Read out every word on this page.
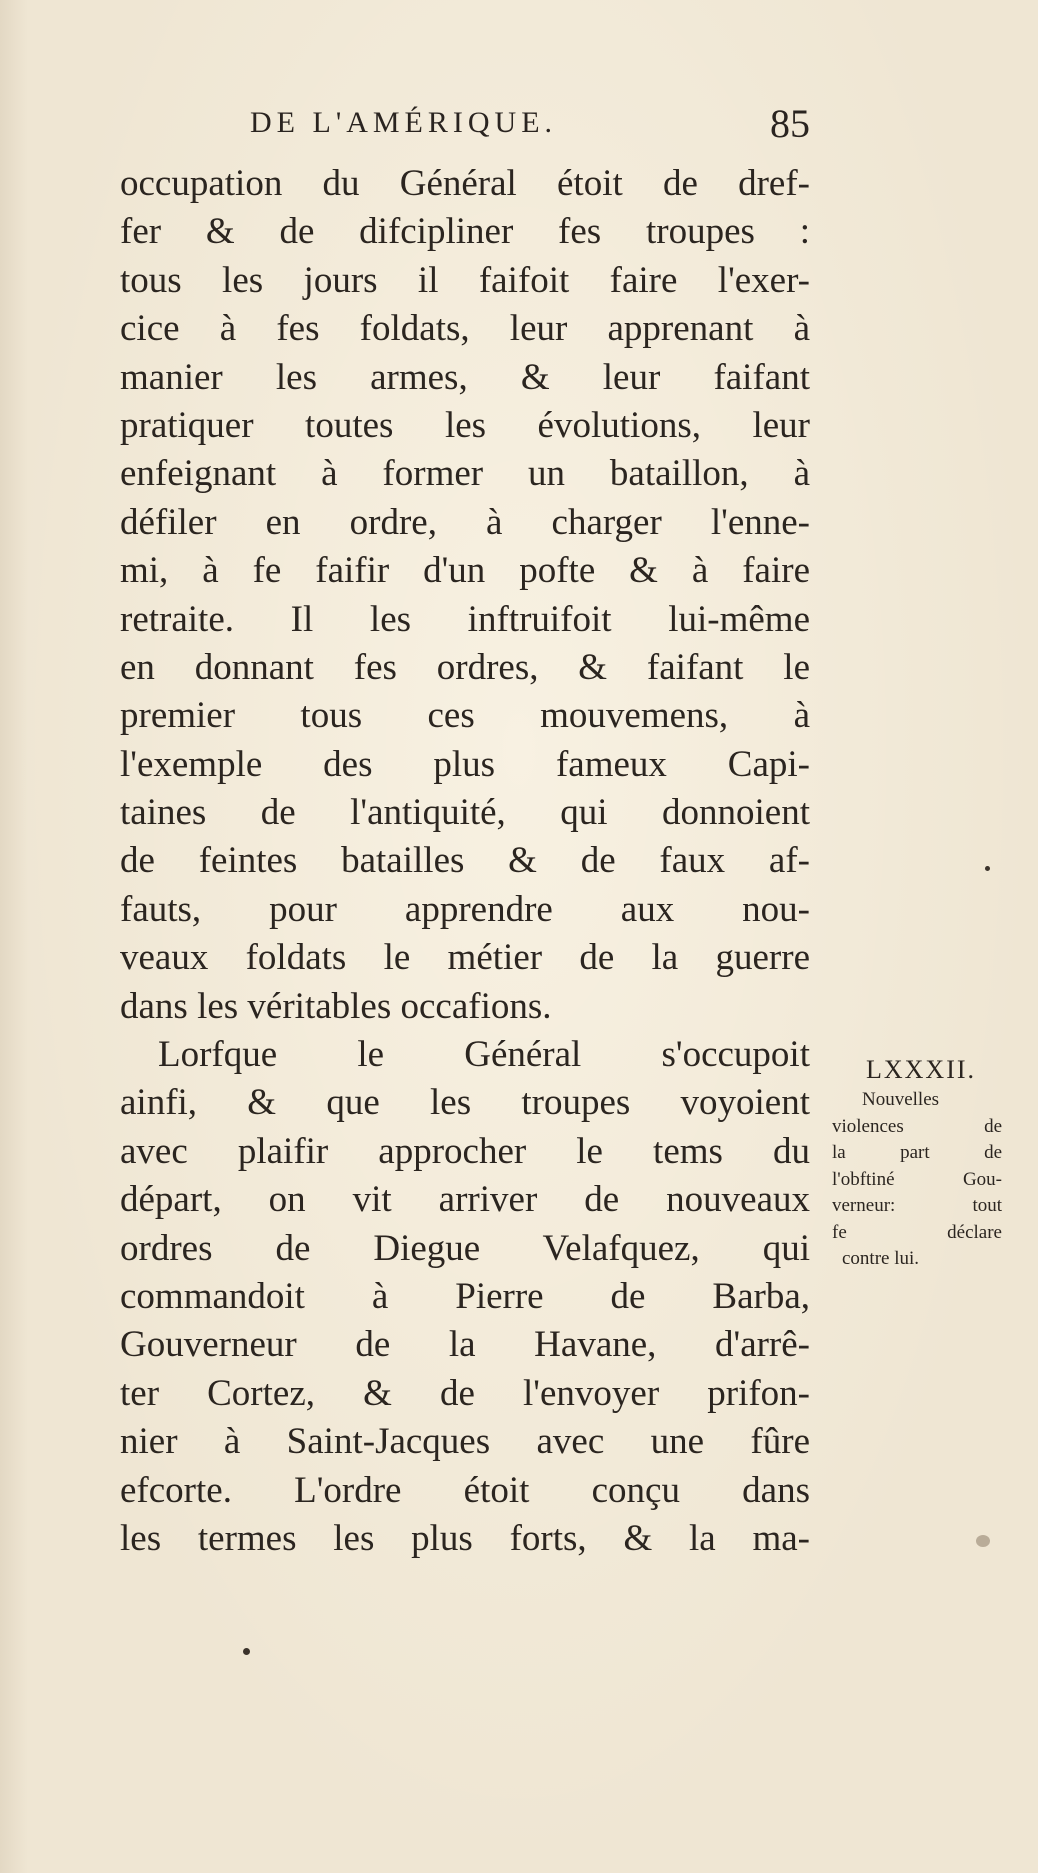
DE L'AMÉRIQUE.	85
occupation du Général étoit de dref-
fer & de difcipliner fes troupes :
tous les jours il faifoit faire l'exer-
cice à fes foldats, leur apprenant à
manier les armes, & leur faifant
pratiquer toutes les évolutions, leur
enfeignant à former un bataillon, à
défiler en ordre, à charger l'enne-
mi, à fe faifir d'un pofte & à faire
retraite. Il les inftruifoit lui-même
en donnant fes ordres, & faifant le
premier tous ces mouvemens, à
l'exemple des plus fameux Capi-
taines de l'antiquité, qui donnoient
de feintes batailles & de faux af-
fauts, pour apprendre aux nou-
veaux foldats le métier de la guerre
dans les véritables occafions.
Lorfque le Général s'occupoit
ainfi, & que les troupes voyoient
avec plaifir approcher le tems du
départ, on vit arriver de nouveaux
ordres de Diegue Velafquez, qui
commandoit à Pierre de Barba,
Gouverneur de la Havane, d'arrê-
ter Cortez, & de l'envoyer prifon-
nier à Saint-Jacques avec une fûre
efcorte. L'ordre étoit conçu dans
les termes les plus forts, & la ma-
LXXXII.
Nouvelles
violences de
la part de
l'obftiné Gou-
verneur: tout
fe déclare
contre lui.
